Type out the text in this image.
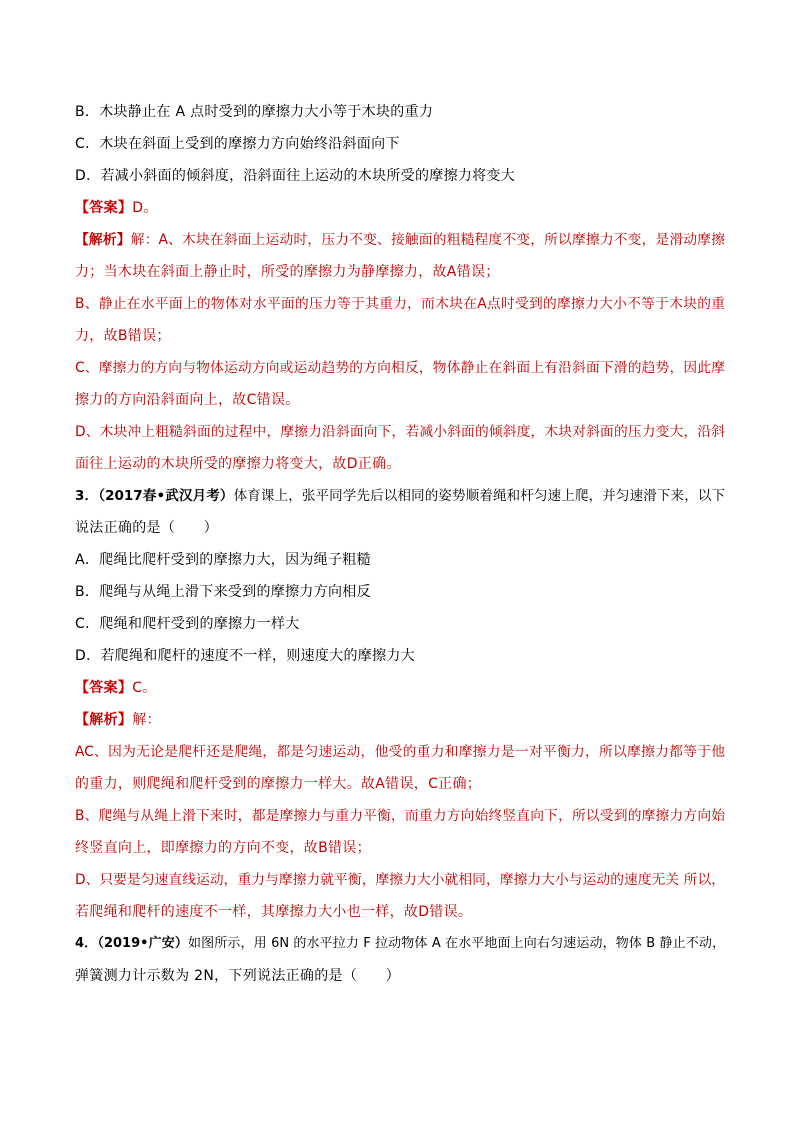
B．木块静止在 A 点时受到的摩擦力大小等于木块的重力
C．木块在斜面上受到的摩擦力方向始终沿斜面向下
D．若减小斜面的倾斜度，沿斜面往上运动的木块所受的摩擦力将变大
【答案】D。
【解析】解：A、木块在斜面上运动时，压力不变、接触面的粗糙程度不变，所以摩擦力不变，是滑动摩擦
力；当木块在斜面上静止时，所受的摩擦力为静摩擦力，故A错误；
B、静止在水平面上的物体对水平面的压力等于其重力，而木块在A点时受到的摩擦力大小不等于木块的重
力，故B错误；
C、摩擦力的方向与物体运动方向或运动趋势的方向相反，物体静止在斜面上有沿斜面下滑的趋势，因此摩
擦力的方向沿斜面向上，故C错误。
D、木块冲上粗糙斜面的过程中，摩擦力沿斜面向下，若减小斜面的倾斜度，木块对斜面的压力变大，沿斜
面往上运动的木块所受的摩擦力将变大，故D正确。
3．（2017春•武汉月考）体育课上，张平同学先后以相同的姿势顺着绳和杆匀速上爬，并匀速滑下来，以下
说法正确的是（　　）
A．爬绳比爬杆受到的摩擦力大，因为绳子粗糙
B．爬绳与从绳上滑下来受到的摩擦力方向相反
C．爬绳和爬杆受到的摩擦力一样大
D．若爬绳和爬杆的速度不一样，则速度大的摩擦力大
【答案】C。
【解析】解：
AC、因为无论是爬杆还是爬绳，都是匀速运动，他受的重力和摩擦力是一对平衡力，所以摩擦力都等于他
的重力，则爬绳和爬杆受到的摩擦力一样大。故A错误，C正确；
B、爬绳与从绳上滑下来时，都是摩擦力与重力平衡，而重力方向始终竖直向下，所以受到的摩擦力方向始
终竖直向上，即摩擦力的方向不变，故B错误；
D、只要是匀速直线运动，重力与摩擦力就平衡，摩擦力大小就相同，摩擦力大小与运动的速度无关 所以，
若爬绳和爬杆的速度不一样，其摩擦力大小也一样，故D错误。
4．（2019•广安）如图所示，用 6N 的水平拉力 F 拉动物体 A 在水平地面上向右匀速运动，物体 B 静止不动，
弹簧测力计示数为 2N，下列说法正确的是（　　）
